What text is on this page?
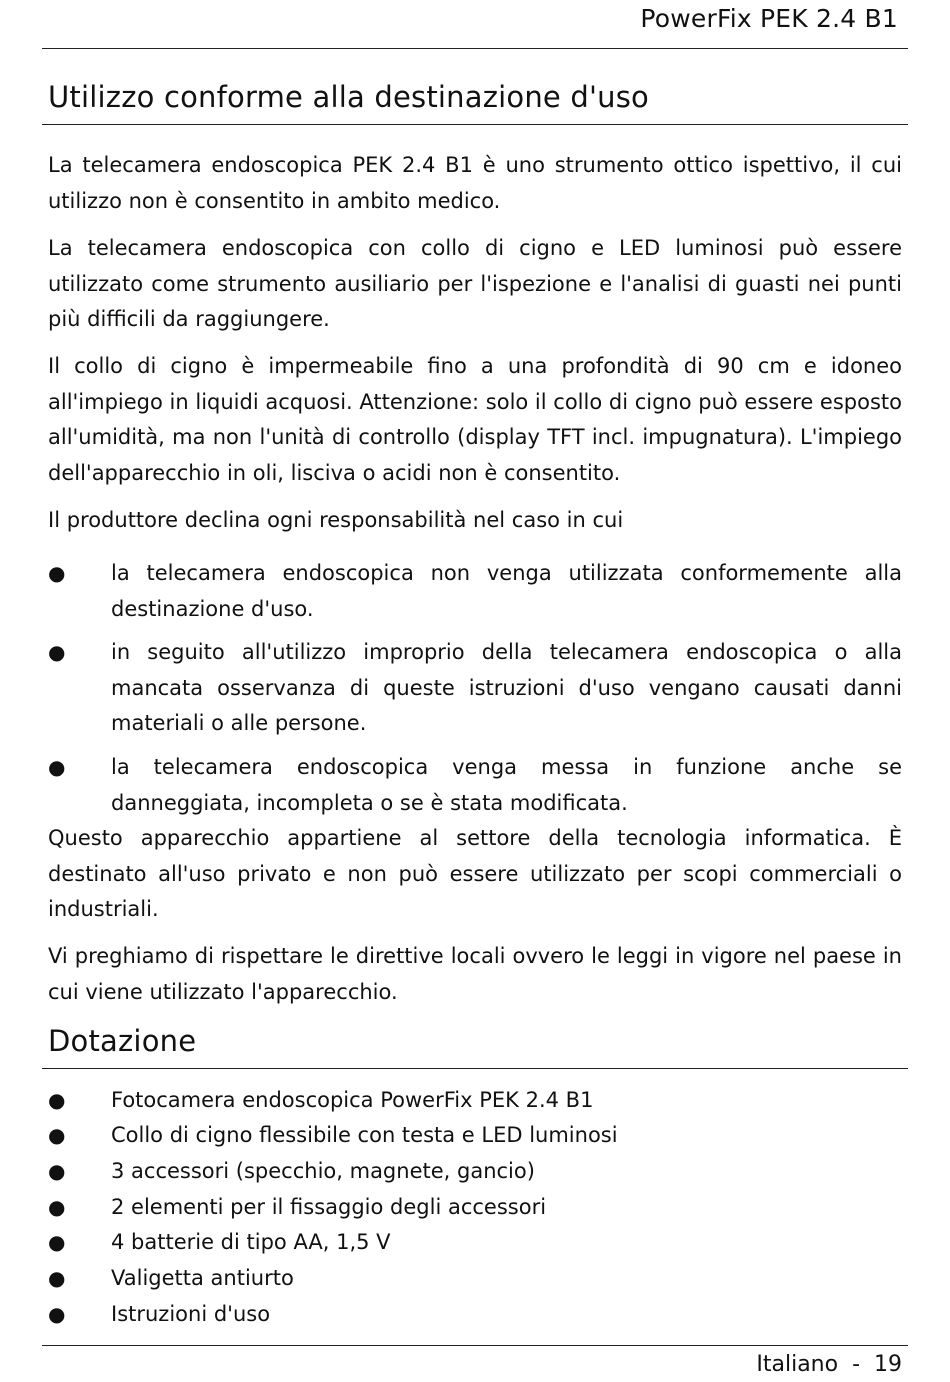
PowerFix PEK 2.4 B1
Utilizzo conforme alla destinazione d'uso

La telecamera endoscopica PEK 2.4 B1 è uno strumento ottico ispettivo, il cui utilizzo non è consentito in ambito medico.

La telecamera endoscopica con collo di cigno e LED luminosi può essere utilizzato come strumento ausiliario per l'ispezione e l'analisi di guasti nei punti più difficili da raggiungere.

Il collo di cigno è impermeabile fino a una profondità di 90 cm e idoneo all'impiego in liquidi acquosi. Attenzione: solo il collo di cigno può essere esposto all'umidità, ma non l'unità di controllo (display TFT incl. impugnatura). L'impiego dell'apparecchio in oli, lisciva o acidi non è consentito.

Il produttore declina ogni responsabilità nel caso in cui

● la telecamera endoscopica non venga utilizzata conformemente alla destinazione d'uso.

● in seguito all'utilizzo improprio della telecamera endoscopica o alla mancata osservanza di queste istruzioni d'uso vengano causati danni materiali o alle persone.

● la telecamera endoscopica venga messa in funzione anche se danneggiata, incompleta o se è stata modificata.

Questo apparecchio appartiene al settore della tecnologia informatica. È destinato all'uso privato e non può essere utilizzato per scopi commerciali o industriali.

Vi preghiamo di rispettare le direttive locali ovvero le leggi in vigore nel paese in cui viene utilizzato l'apparecchio.

Dotazione
● Fotocamera endoscopica PowerFix PEK 2.4 B1
● Collo di cigno flessibile con testa e LED luminosi
● 3 accessori (specchio, magnete, gancio)
● 2 elementi per il fissaggio degli accessori
● 4 batterie di tipo AA, 1,5 V
● Valigetta antiurto
● Istruzioni d'uso
Italiano  -  19
